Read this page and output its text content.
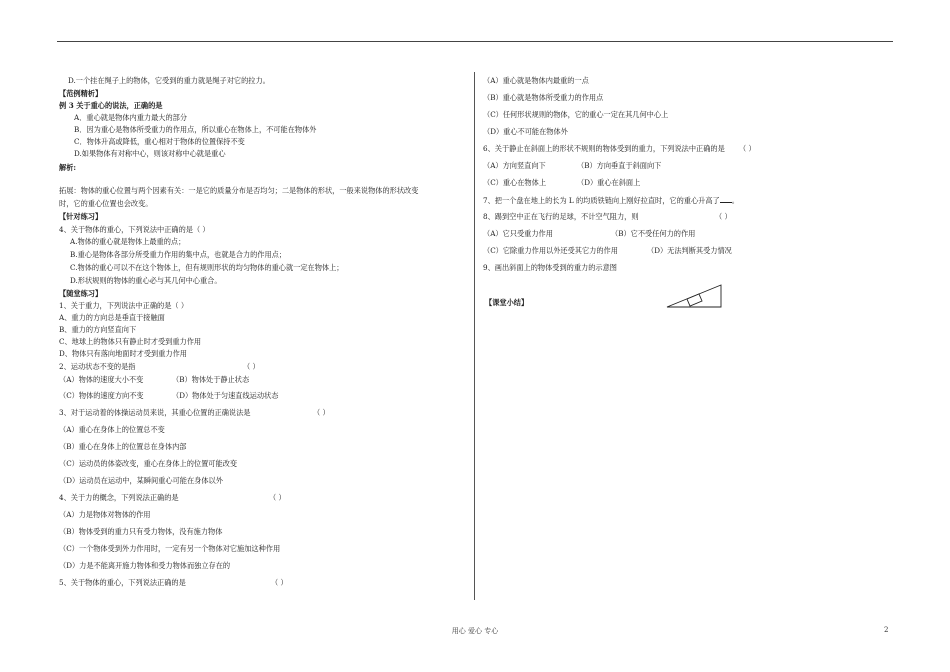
D.一个挂在绳子上的物体，它受到的重力就是绳子对它的拉力。
【范例精析】
例 3 关于重心的说法，正确的是
A．重心就是物体内重力最大的部分
B．因为重心是物体所受重力的作用点，所以重心在物体上，不可能在物体外
C．物体升高或降低，重心相对于物体的位置保持不变
D.如果物体有对称中心，则该对称中心就是重心
解析:
拓展：物体的重心位置与两个因素有关：一是它的质量分布是否均匀；二是物体的形状，一般来说物体的形状改变
时，它的重心位置也会改变。
【针对练习】
4、关于物体的重心，下列说法中正确的是（ ）
A.物体的重心就是物体上最重的点；
B.重心是物体各部分所受重力作用的集中点，也就是合力的作用点；
C.物体的重心可以不在这个物体上，但有规则形状的均匀物体的重心就一定在物体上；
D.形状规则的物体的重心必与其几何中心重合。
【随堂练习】
1、关于重力，下列说法中正确的是（ ）
A、重力的方向总是垂直于接触面
B、重力的方向竖直向下
C、地球上的物体只有静止时才受到重力作用
D、物体只有落向地面时才受到重力作用
2、运动状态不变的是指	（ ）
（A）物体的速度大小不变	（B）物体处于静止状态
（C）物体的速度方向不变	（D）物体处于匀速直线运动状态
3、对于运动着的体操运动员来说，其重心位置的正确说法是	（ ）
（A）重心在身体上的位置总不变
（B）重心在身体上的位置总在身体内部
（C）运动员的体姿改变，重心在身体上的位置可能改变
（D）运动员在运动中，某瞬间重心可能在身体以外
4、关于力的概念，下列说法正确的是	（ ）
（A）力是物体对物体的作用
（B）物体受到的重力只有受力物体，没有施力物体
（C）一个物体受到外力作用时，一定有另一个物体对它施加这种作用
（D）力是不能离开施力物体和受力物体而独立存在的
5、关于物体的重心，下列说法正确的是	（ ）
7、把一个盘在地上的长为 L 的均质铁链向上刚好拉直时，它的重心升高了 。
（A）重心就是物体内最重的一点
（B）重心就是物体所受重力的作用点
（C）任何形状规则的物体，它的重心一定在其几何中心上
（D）重心不可能在物体外
6、关于静止在斜面上的形状不规则的物体受到的重力，下列说法中正确的是 （ ）
（A）方向竖直向下	（B）方向垂直于斜面向下
（C）重心在物体上	（D）重心在斜面上
8、踢到空中正在飞行的足球，不计空气阻力，则	（ ）
（A）它只受重力作用	（B）它不受任何力的作用
（C）它除重力作用以外还受其它力的作用	（D）无法判断其受力情况
9、画出斜面上的物体受到的重力的示意图
【课堂小结】
用心 爱心 专心	2
